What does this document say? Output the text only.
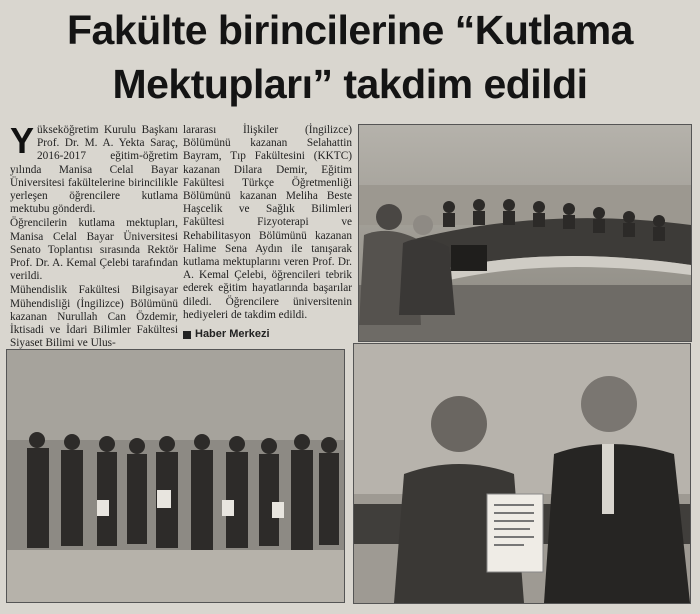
Fakülte birincilerine “Kutlama
Mektupları” takdim edildi

Yükseköğretim Kurulu Başkanı Prof. Dr. M. A. Yekta Saraç, 2016-2017 eğitim-öğretim yılında Manisa Celal Bayar Üniversitesi fakültelerine birincilikle yerleşen öğrencilere kutlama mektubu gönderdi.

Öğrencilerin kutlama mektupları, Manisa Celal Bayar Üniversitesi Senato Toplantısı sırasında Rektör Prof. Dr. A. Kemal Çelebi tarafından verildi.

Mühendislik Fakültesi Bilgisayar Mühendisliği (İngilizce) Bölümünü kazanan Nurullah Can Özdemir, İktisadi ve İdari Bilimler Fakültesi Siyaset Bilimi ve Ulus-

lararası İlişkiler (İngilizce) Bölümünü kazanan Selahattin Bayram, Tıp Fakültesini (KKTC) kazanan Dilara Demir, Eğitim Fakültesi Türkçe Öğretmenliği Bölümünü kazanan Meliha Beste Haşcelik ve Sağlık Bilimleri Fakültesi Fizyoterapi ve Rehabilitasyon Bölümünü kazanan Halime Sena Aydın ile tanışarak kutlama mektuplarını veren Prof. Dr. A. Kemal Çelebi, öğrencileri tebrik ederek eğitim hayatlarında başarılar diledi. Öğrencilere üniversitenin hediyeleri de takdim edildi.

Haber Merkezi
